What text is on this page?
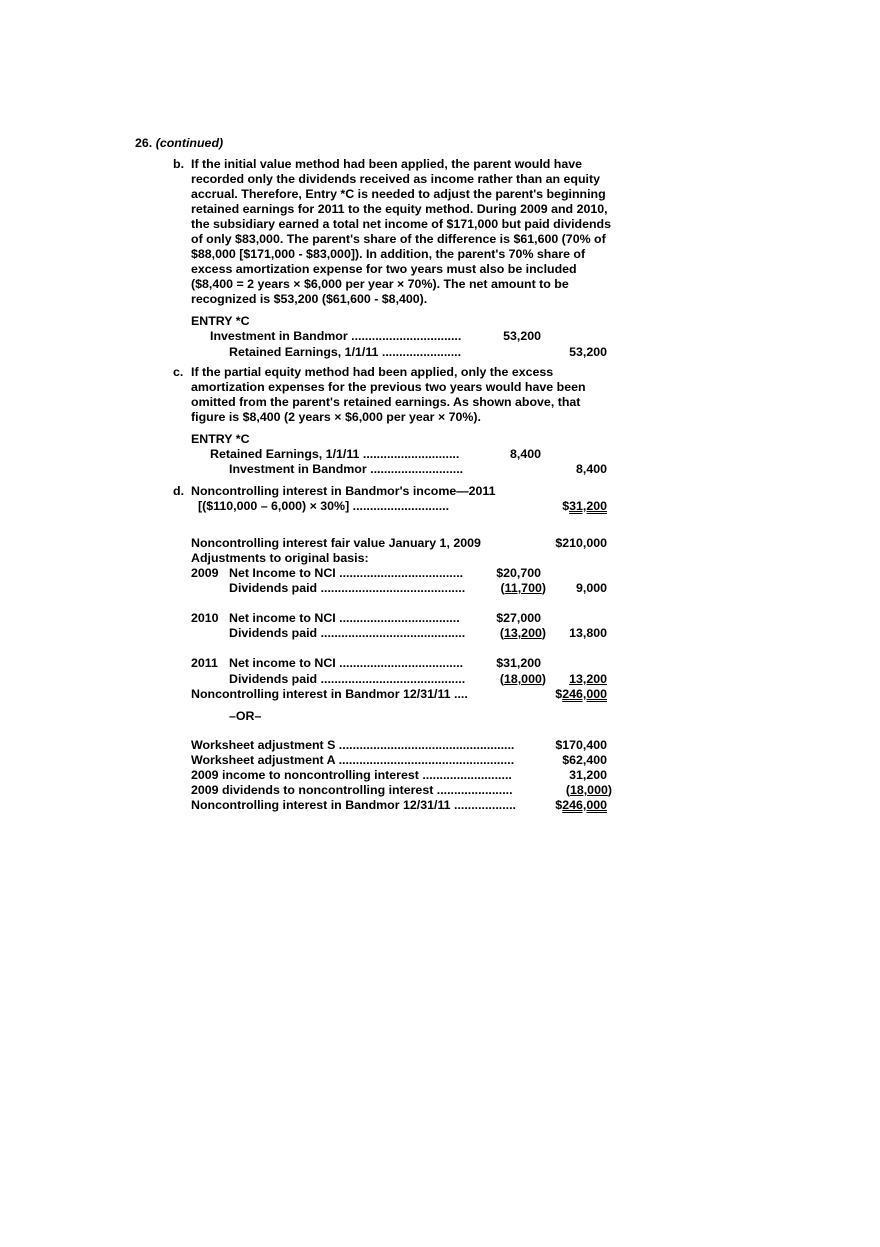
26. (continued)
b. If the initial value method had been applied, the parent would have
recorded only the dividends received as income rather than an equity
accrual. Therefore, Entry *C is needed to adjust the parent's beginning
retained earnings for 2011 to the equity method. During 2009 and 2010,
the subsidiary earned a total net income of $171,000 but paid dividends
of only $83,000. The parent's share of the difference is $61,600 (70% of
$88,000 [$171,000 - $83,000]). In addition, the parent's 70% share of
excess amortization expense for two years must also be included
($8,400 = 2 years × $6,000 per year × 70%). The net amount to be
recognized is $53,200 ($61,600 - $8,400).
ENTRY *C
Investment in Bandmor ................................	53,200
Retained Earnings, 1/1/11 .......................	53,200
c. If the partial equity method had been applied, only the excess
amortization expenses for the previous two years would have been
omitted from the parent's retained earnings. As shown above, that
figure is $8,400 (2 years × $6,000 per year × 70%).
ENTRY *C
Retained Earnings, 1/1/11 ............................	8,400
Investment in Bandmor ...........................	8,400
d. Noncontrolling interest in Bandmor's income—2011
[($110,000 – 6,000) × 30%] ............................	$31,200
Noncontrolling interest fair value January 1, 2009	$210,000
Adjustments to original basis:
2009 Net Income to NCI ....................................	$20,700
Dividends paid ..........................................	(11,700)	9,000
2010 Net income to NCI ...................................	$27,000
Dividends paid ..........................................	(13,200)	13,800
2011 Net income to NCI ....................................	$31,200
Dividends paid ..........................................	(18,000)	13,200
Noncontrolling interest in Bandmor 12/31/11 ....	$246,000
–OR–
Worksheet adjustment S ...................................................	$170,400
Worksheet adjustment A ...................................................	$62,400
2009 income to noncontrolling interest ..........................	31,200
2009 dividends to noncontrolling interest ......................	(18,000)
Noncontrolling interest in Bandmor 12/31/11 ..................	$246,000
